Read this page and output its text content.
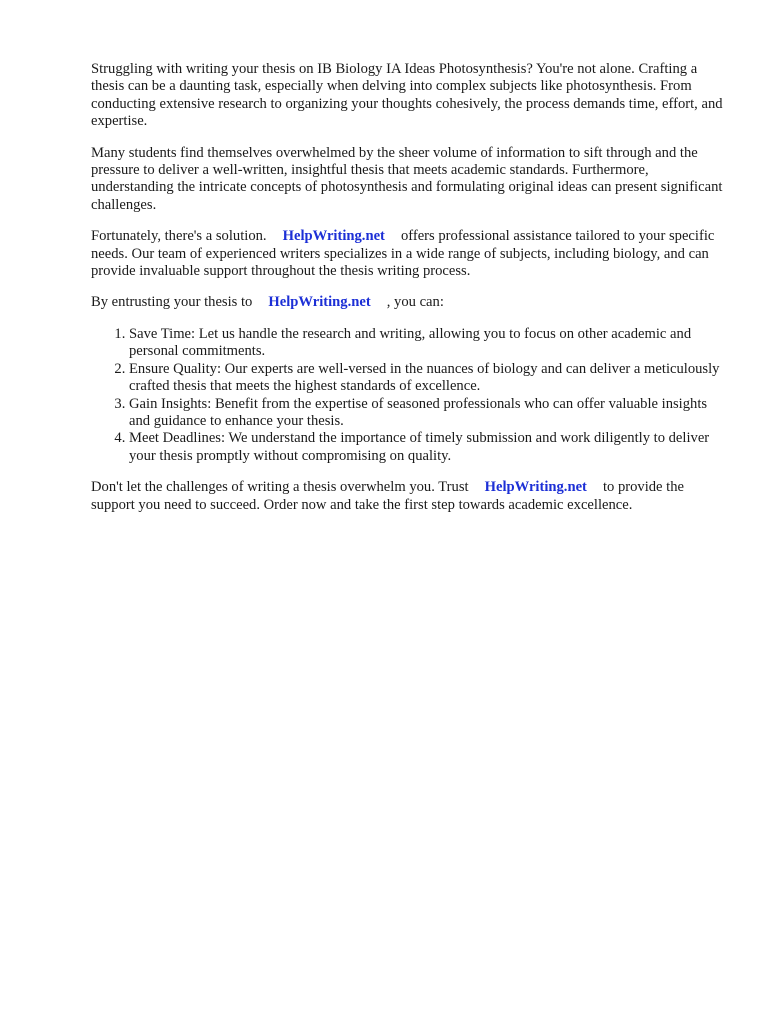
Struggling with writing your thesis on IB Biology IA Ideas Photosynthesis? You're not alone. Crafting a thesis can be a daunting task, especially when delving into complex subjects like photosynthesis. From conducting extensive research to organizing your thoughts cohesively, the process demands time, effort, and expertise.

Many students find themselves overwhelmed by the sheer volume of information to sift through and the pressure to deliver a well-written, insightful thesis that meets academic standards. Furthermore, understanding the intricate concepts of photosynthesis and formulating original ideas can present significant challenges.

Fortunately, there's a solution. HelpWriting.net offers professional assistance tailored to your specific needs. Our team of experienced writers specializes in a wide range of subjects, including biology, and can provide invaluable support throughout the thesis writing process.

By entrusting your thesis to HelpWriting.net , you can:

1. Save Time: Let us handle the research and writing, allowing you to focus on other academic and personal commitments.
2. Ensure Quality: Our experts are well-versed in the nuances of biology and can deliver a meticulously crafted thesis that meets the highest standards of excellence.
3. Gain Insights: Benefit from the expertise of seasoned professionals who can offer valuable insights and guidance to enhance your thesis.
4. Meet Deadlines: We understand the importance of timely submission and work diligently to deliver your thesis promptly without compromising on quality.

Don't let the challenges of writing a thesis overwhelm you. Trust HelpWriting.net to provide the support you need to succeed. Order now and take the first step towards academic excellence.
